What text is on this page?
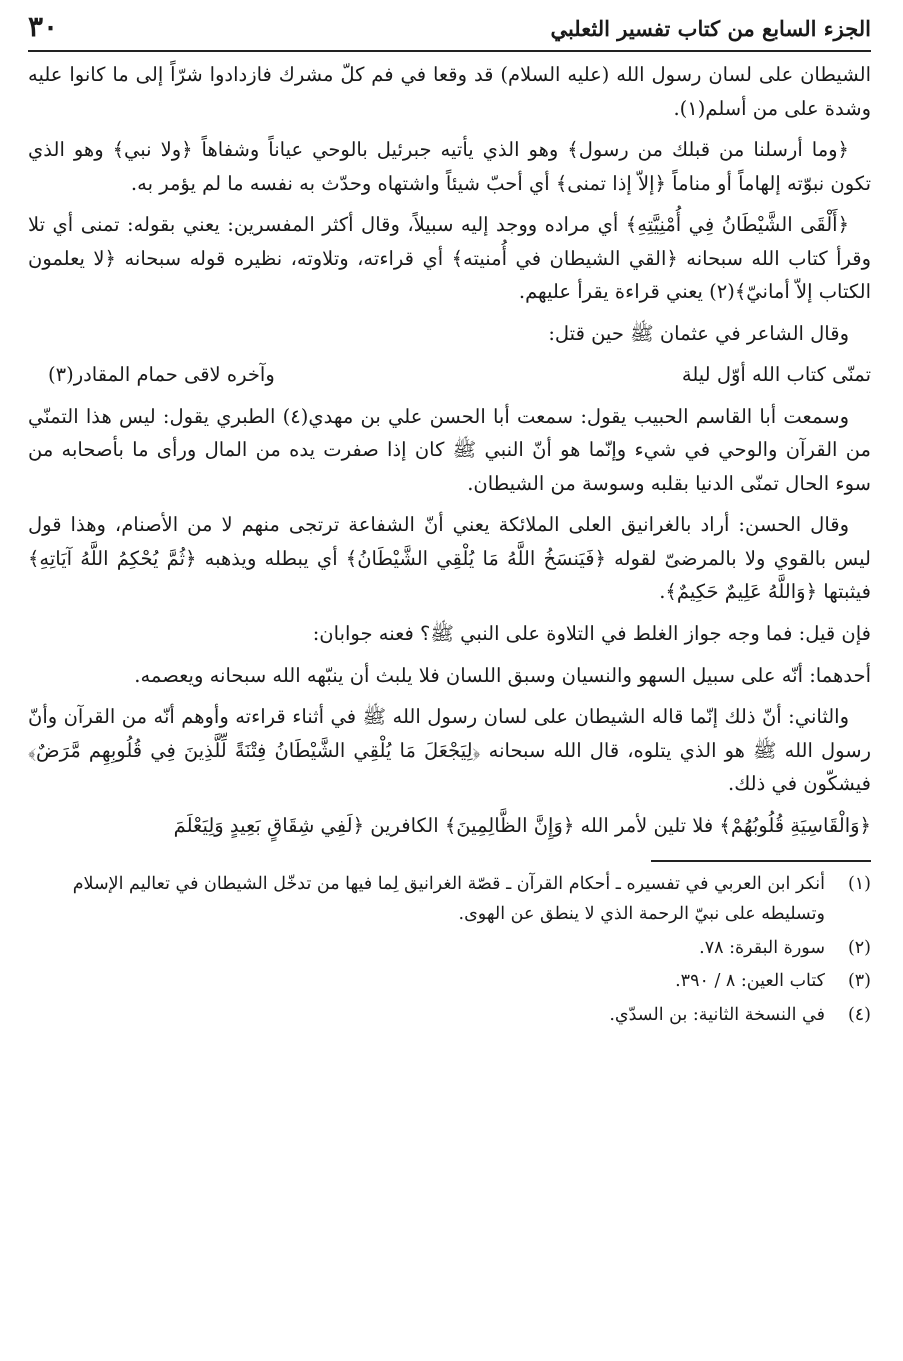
الجزء السابع من كتاب تفسير الثعلبي
٣٠

الشيطان على لسان رسول الله (عليه السلام) قد وقعا في فم كلّ مشرك فازدادوا شرّاً إلى ما كانوا عليه وشدة على من أسلم(١).

﴿وما أرسلنا من قبلك من رسول﴾ وهو الذي يأتيه جبرئيل بالوحي عياناً وشفاهاً ﴿ولا نبي﴾ وهو الذي تكون نبوّته إلهاماً أو مناماً ﴿إلاّ إذا تمنى﴾ أي أحبّ شيئاً واشتهاه وحدّث به نفسه ما لم يؤمر به.

﴿أَلْقَى الشَّيْطَانُ فِي أُمْنِيَّتِهِ﴾ أي مراده ووجد إليه سبيلاً، وقال أكثر المفسرين: يعني بقوله: تمنى أي تلا وقرأ كتاب الله سبحانه ﴿القي الشيطان في أُمنيته﴾ أي قراءته، وتلاوته، نظيره قوله سبحانه ﴿لا يعلمون الكتاب إلاّ أمانيّ﴾(٢) يعني قراءة يقرأ عليهم.

وقال الشاعر في عثمان ﷺ حين قتل:

تمنّى كتاب الله أوّل ليلة
وآخره لاقى حمام المقادر(٣)

وسمعت أبا القاسم الحبيب يقول: سمعت أبا الحسن علي بن مهدي(٤) الطبري يقول: ليس هذا التمنّي من القرآن والوحي في شيء وإنّما هو أنّ النبي ﷺ كان إذا صفرت يده من المال ورأى ما بأصحابه من سوء الحال تمنّى الدنيا بقلبه وسوسة من الشيطان.

وقال الحسن: أراد بالغرانيق العلى الملائكة يعني أنّ الشفاعة ترتجى منهم لا من الأصنام، وهذا قول ليس بالقوي ولا بالمرضىّ لقوله ﴿فَيَنسَخُ اللَّهُ مَا يُلْقِي الشَّيْطَانُ﴾ أي يبطله ويذهبه ﴿ثُمَّ يُحْكِمُ اللَّهُ آيَاتِهِ﴾ فيثبتها ﴿وَاللَّهُ عَلِيمٌ حَكِيمٌ﴾.

فإن قيل: فما وجه جواز الغلط في التلاوة على النبي ﷺ؟ فعنه جوابان:

أحدهما: أنّه على سبيل السهو والنسيان وسبق اللسان فلا يلبث أن ينبّهه الله سبحانه ويعصمه.

والثاني: أنّ ذلك إنّما قاله الشيطان على لسان رسول الله ﷺ في أثناء قراءته وأوهم أنّه من القرآن وأنّ رسول الله ﷺ هو الذي يتلوه، قال الله سبحانه ﴿لِيَجْعَلَ مَا يُلْقِي الشَّيْطَانُ فِتْنَةً لِّلَّذِينَ فِي قُلُوبِهِم مَّرَضٌ﴾ فيشكّون في ذلك.

﴿وَالْقَاسِيَةِ قُلُوبُهُمْ﴾ فلا تلين لأمر الله ﴿وَإِنَّ الظَّالِمِينَ﴾ الكافرين ﴿لَفِي شِقَاقٍ بَعِيدٍ وَلِيَعْلَمَ

(١)
أنكر ابن العربي في تفسيره ـ أحكام القرآن ـ قصّة الغرانيق لِما فيها من تدخّل الشيطان في تعاليم الإسلام وتسليطه على نبيّ الرحمة الذي لا ينطق عن الهوى.
(٢)
سورة البقرة: ٧٨.
(٣)
كتاب العين: ٨ / ٣٩٠.
(٤)
في النسخة الثانية: بن السدّي.
